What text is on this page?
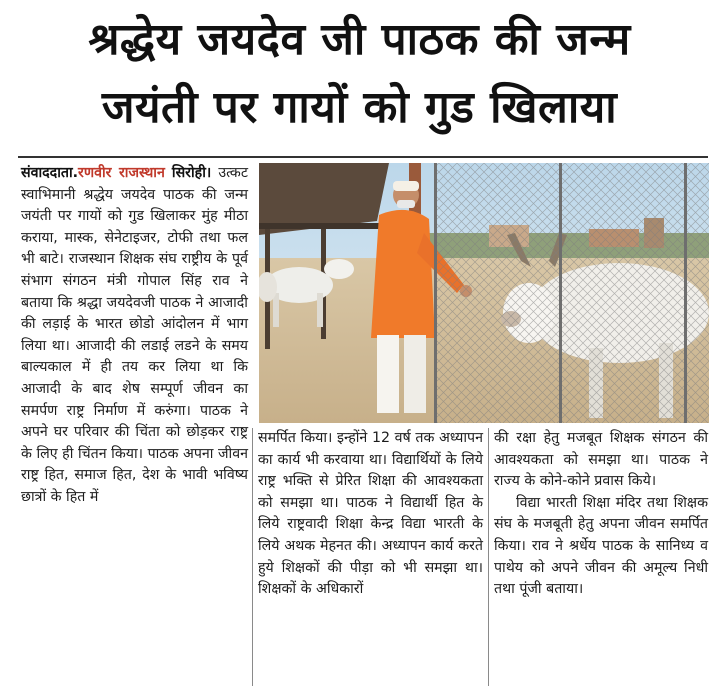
श्रद्धेय जयदेव जी पाठक की जन्म
जयंती पर गायों को गुड खिलाया

संवाददाता.रणवीर राजस्थान सिरोही। उत्कट स्वाभिमानी श्रद्धेय जयदेव पाठक की जन्म जयंती पर गायों को गुड खिलाकर मुंह मीठा कराया, मास्क, सेनेटाइजर, टोफी तथा फल भी बाटे। राजस्थान शिक्षक संघ राष्ट्रीय के पूर्व संभाग संगठन मंत्री गोपाल सिंह राव ने बताया कि श्रद्धा जयदेवजी पाठक ने आजादी की लड़ाई के भारत छोडो आंदोलन में भाग लिया था। आजादी की लडाई लडने के समय बाल्यकाल में ही तय कर लिया था कि आजादी के बाद शेष सम्पूर्ण जीवन का समर्पण राष्ट्र निर्माण में करुंगा। पाठक ने अपने घर परिवार की चिंता को छोड़कर राष्ट्र के लिए ही चिंतन किया। पाठक अपना जीवन राष्ट्र हित, समाज हित, देश के भावी भविष्य छात्रों के हित में

समर्पित किया। इन्होंने 12 वर्ष तक अध्यापन का कार्य भी करवाया था। विद्यार्थियों के लिये राष्ट्र भक्ति से प्रेरित शिक्षा की आवश्यकता को समझा था। पाठक ने विद्यार्थी हित के लिये राष्ट्रवादी शिक्षा केन्द्र विद्या भारती के लिये अथक मेहनत की। अध्यापन कार्य करते हुये शिक्षकों की पीड़ा को भी समझा था। शिक्षकों के अधिकारों

की रक्षा हेतु मजबूत शिक्षक संगठन की आवश्यकता को समझा था। पाठक ने राज्य के कोने-कोने प्रवास किये।

विद्या भारती शिक्षा मंदिर तथा शिक्षक संघ के मजबूती हेतु अपना जीवन समर्पित किया। राव ने श्रर्धेय पाठक के सानिध्य व पाथेय को अपने जीवन की अमूल्य निधी तथा पूंजी बताया।
